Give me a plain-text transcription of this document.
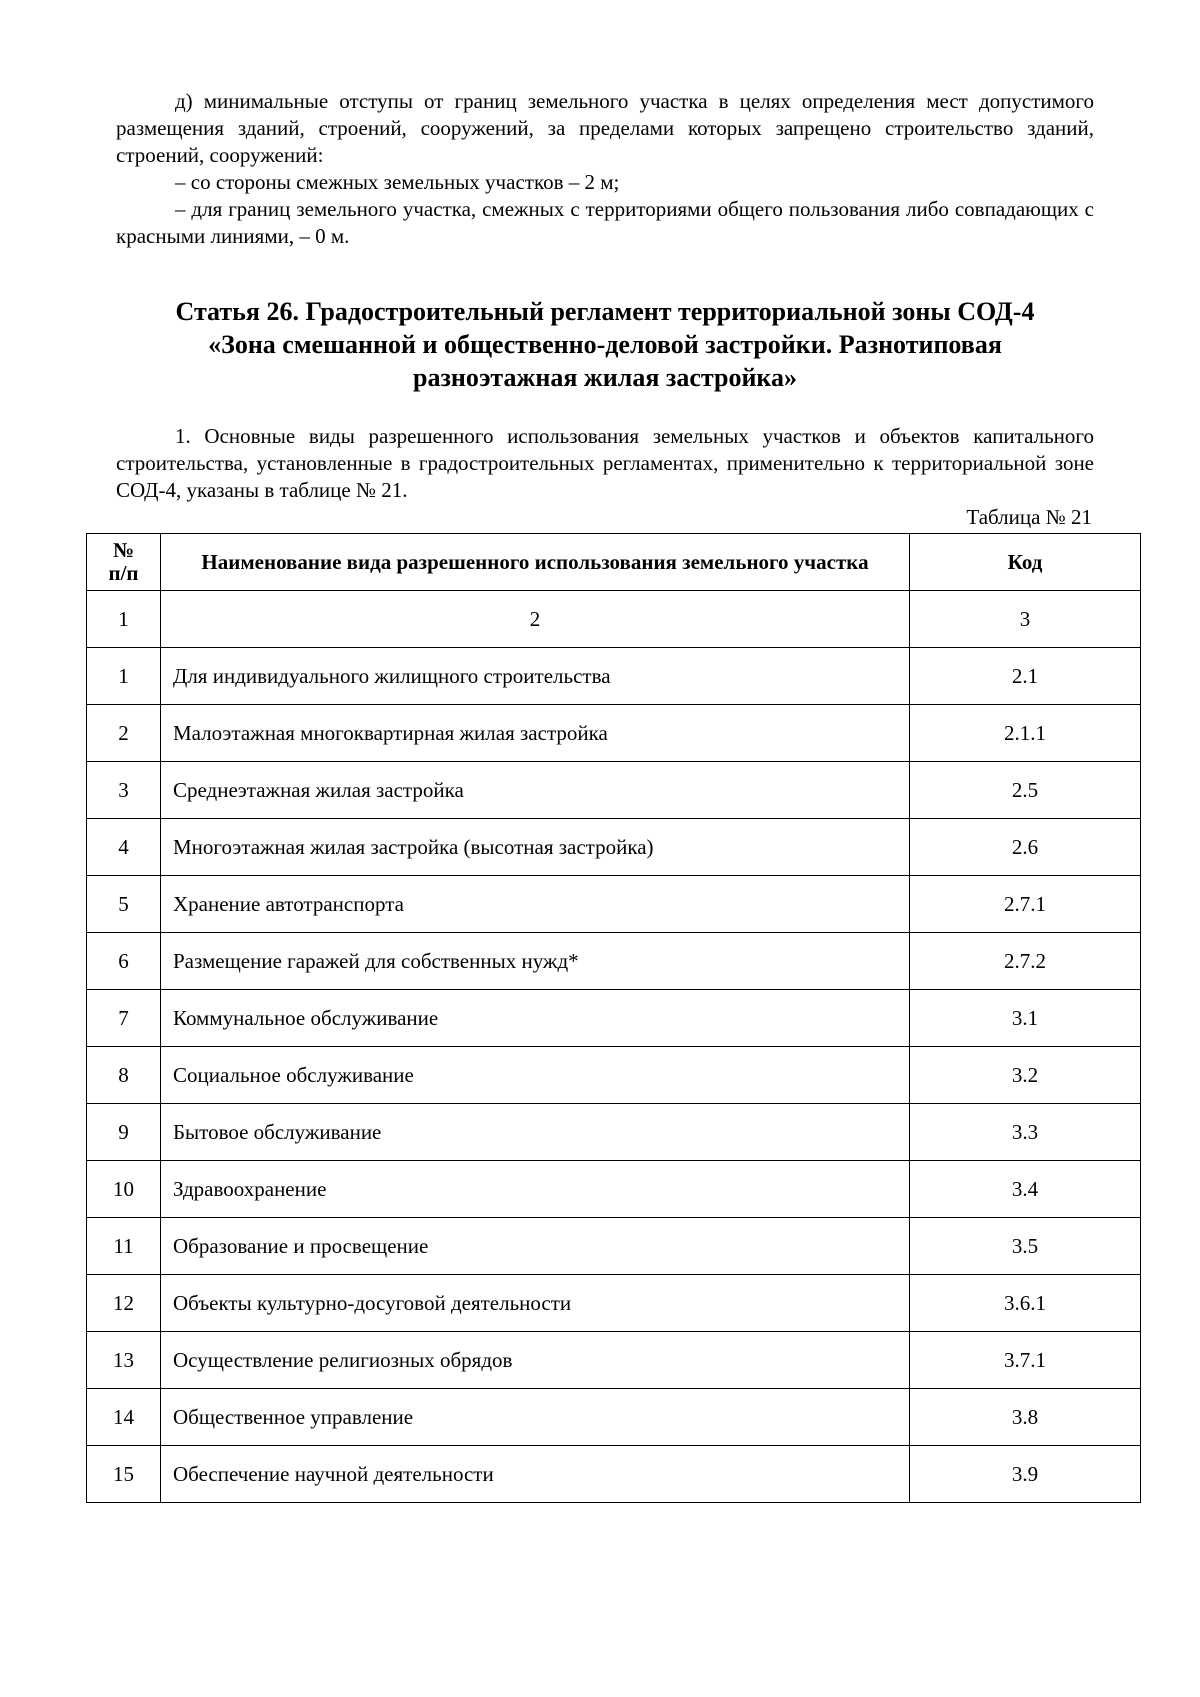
д) минимальные отступы от границ земельного участка в целях определения мест допустимого размещения зданий, строений, сооружений, за пределами которых запрещено строительство зданий, строений, сооружений:

– со стороны смежных земельных участков – 2 м;

– для границ земельного участка, смежных с территориями общего пользования либо совпадающих с красными линиями, – 0 м.

Статья 26. Градостроительный регламент территориальной зоны СОД-4
«Зона смешанной и общественно-деловой застройки. Разнотиповая
разноэтажная жилая застройка»

1. Основные виды разрешенного использования земельных участков и объектов капитального строительства, установленные в градостроительных регламентах, применительно к территориальной зоне СОД-4, указаны в таблице № 21.

Таблица № 21
№
п/п	Наименование вида разрешенного использования земельного участка	Код
1	2	3
1	Для индивидуального жилищного строительства	2.1
2	Малоэтажная многоквартирная жилая застройка	2.1.1
3	Среднеэтажная жилая застройка	2.5
4	Многоэтажная жилая застройка (высотная застройка)	2.6
5	Хранение автотранспорта	2.7.1
6	Размещение гаражей для собственных нужд*	2.7.2
7	Коммунальное обслуживание	3.1
8	Социальное обслуживание	3.2
9	Бытовое обслуживание	3.3
10	Здравоохранение	3.4
11	Образование и просвещение	3.5
12	Объекты культурно-досуговой деятельности	3.6.1
13	Осуществление религиозных обрядов	3.7.1
14	Общественное управление	3.8
15	Обеспечение научной деятельности	3.9
